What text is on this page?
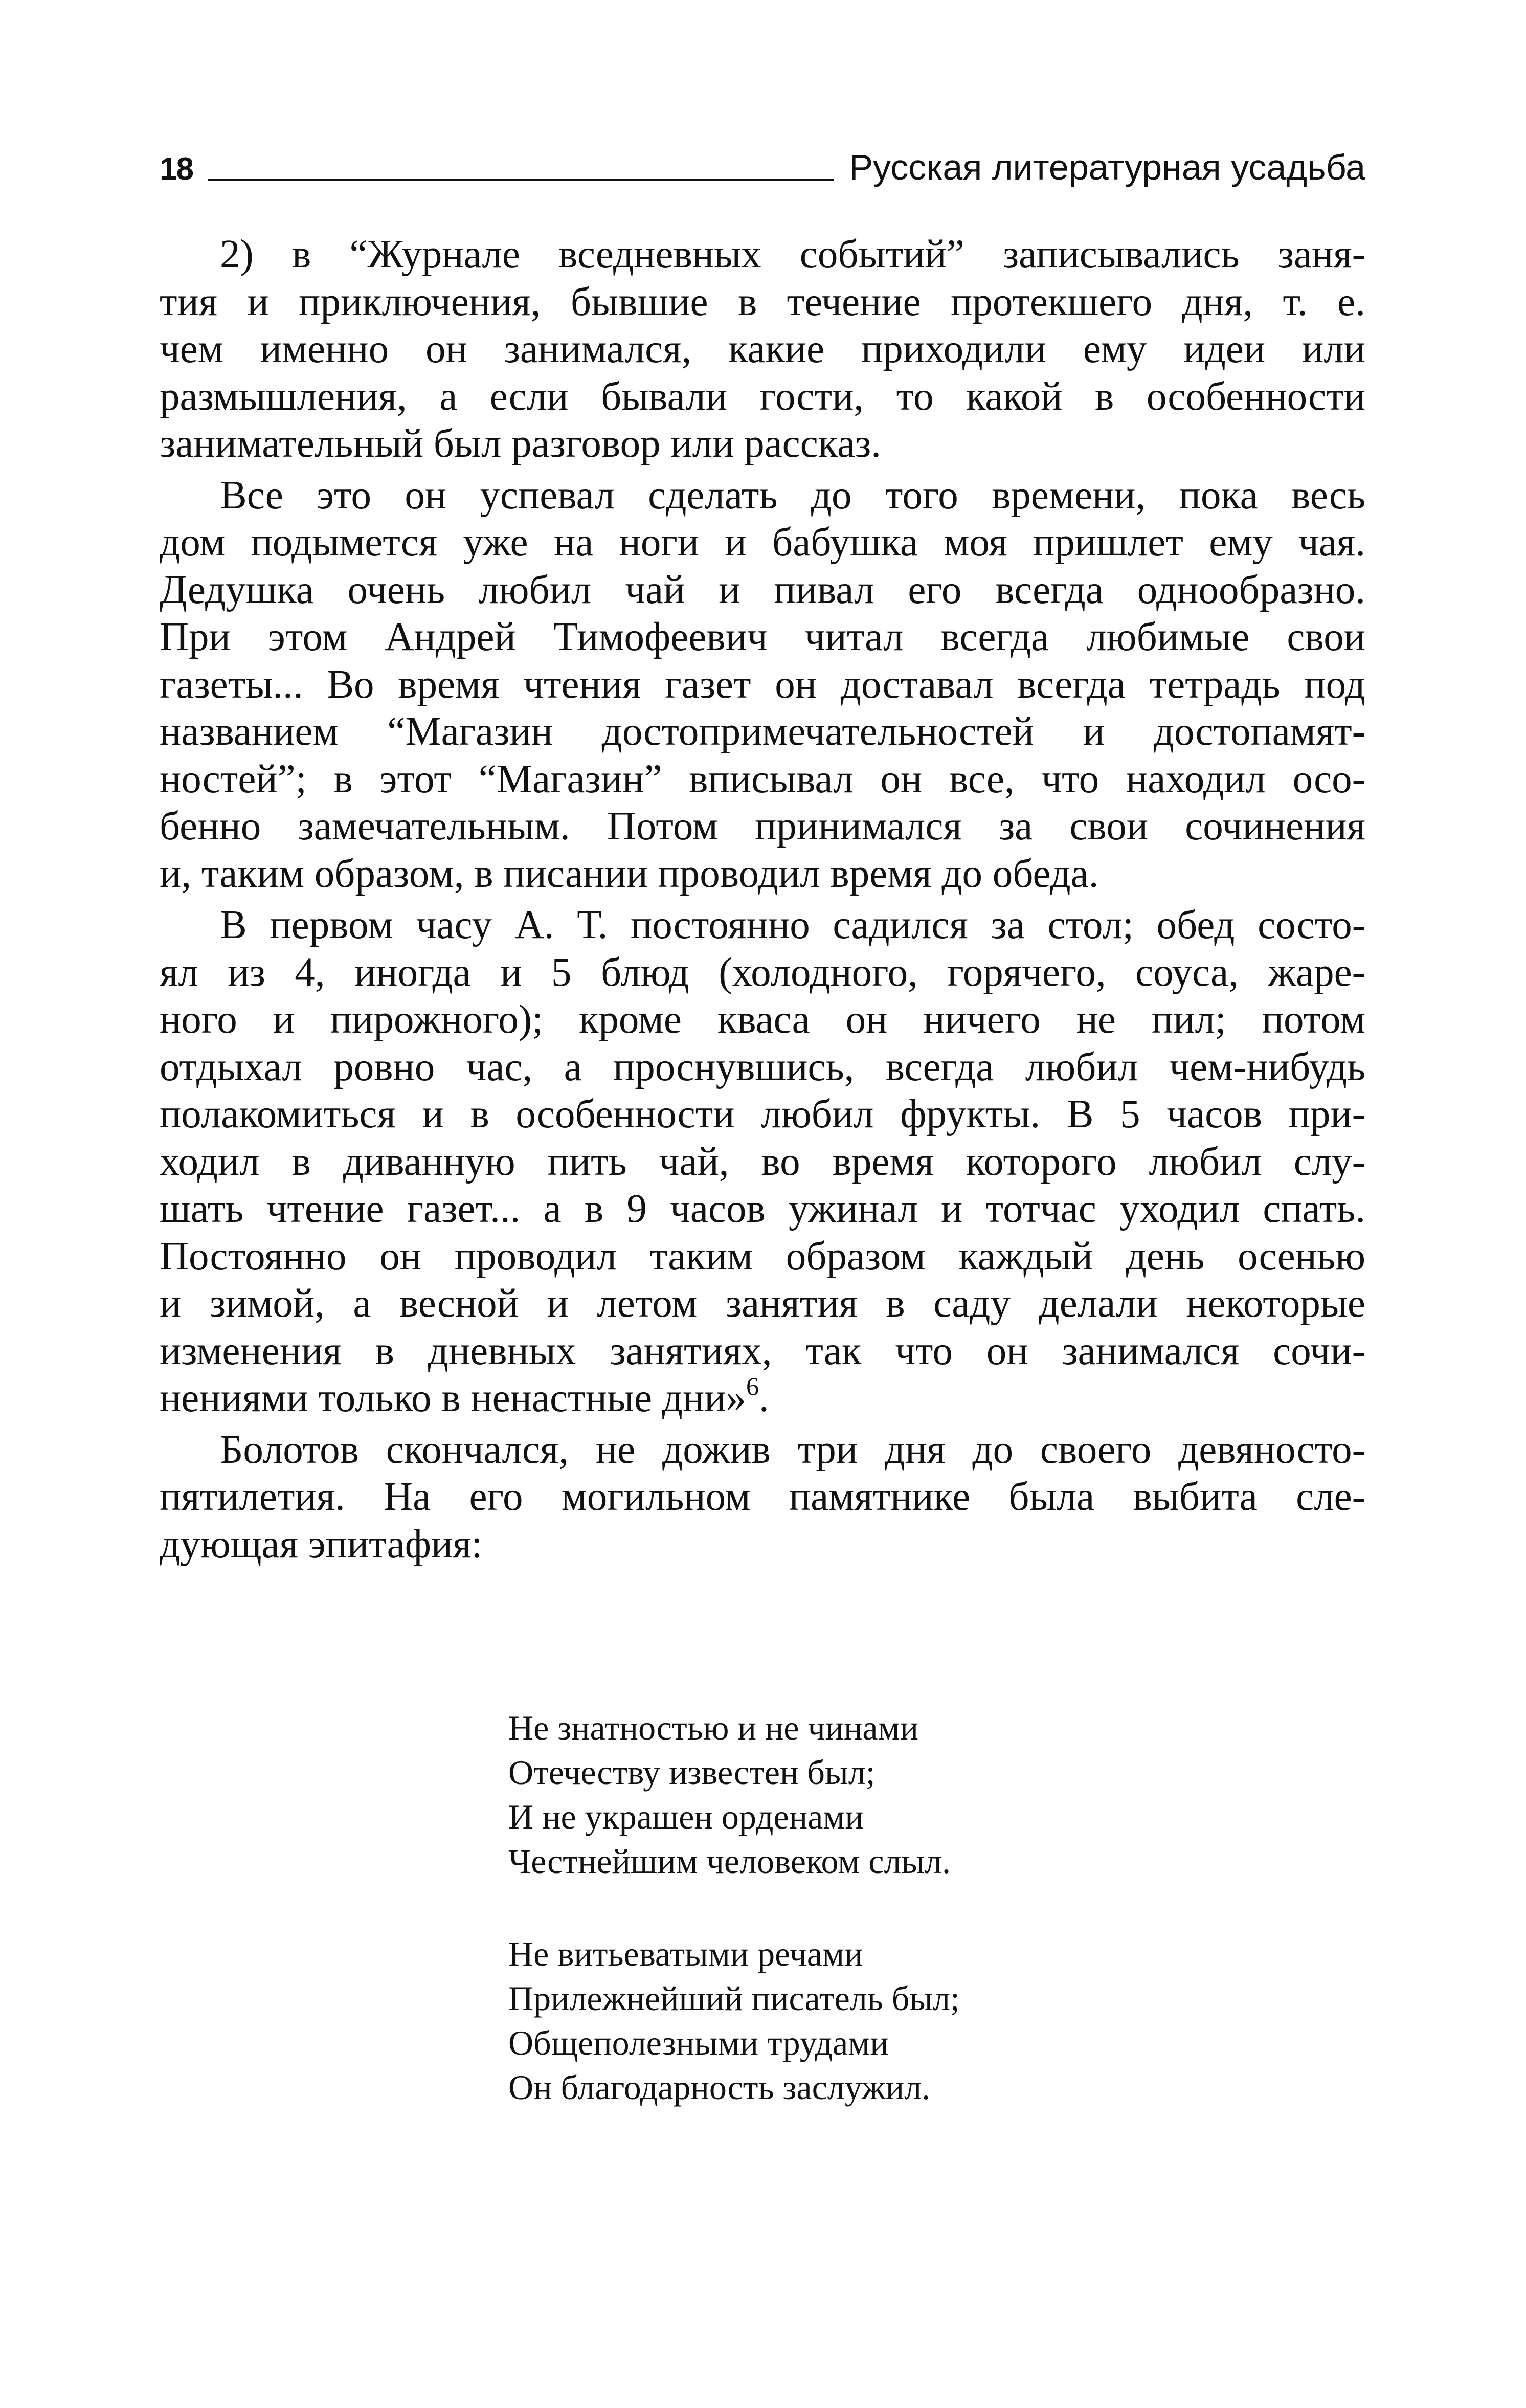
18	Русская литературная усадьба
2) в “Журнале вседневных событий” записывались заня-
тия и приключения, бывшие в течение протекшего дня, т. е.
чем именно он занимался, какие приходили ему идеи или
размышления, а если бывали гости, то какой в особенности
занимательный был разговор или рассказ.
Все это он успевал сделать до того времени, пока весь
дом подымется уже на ноги и бабушка моя пришлет ему чая.
Дедушка очень любил чай и пивал его всегда однообразно.
При этом Андрей Тимофеевич читал всегда любимые свои
газеты... Во время чтения газет он доставал всегда тетрадь под
названием “Магазин достопримечательностей и достопамят-
ностей”; в этот “Магазин” вписывал он все, что находил осо-
бенно замечательным. Потом принимался за свои сочинения
и, таким образом, в писании проводил время до обеда.
В первом часу А. Т. постоянно садился за стол; обед состо-
ял из 4, иногда и 5 блюд (холодного, горячего, соуса, жаре-
ного и пирожного); кроме кваса он ничего не пил; потом
отдыхал ровно час, а проснувшись, всегда любил чем-нибудь
полакомиться и в особенности любил фрукты. В 5 часов при-
ходил в диванную пить чай, во время которого любил слу-
шать чтение газет... а в 9 часов ужинал и тотчас уходил спать.
Постоянно он проводил таким образом каждый день осенью
и зимой, а весной и летом занятия в саду делали некоторые
изменения в дневных занятиях, так что он занимался сочи-
нениями только в ненастные дни»$^6$.
Болотов скончался, не дожив три дня до своего девяносто-
пятилетия. На его могильном памятнике была выбита сле-
дующая эпитафия:
Не знатностью и не чинами
Отечеству известен был;
И не украшен орденами
Честнейшим человеком слыл.
Не витьеватыми речами
Прилежнейший писатель был;
Общеполезными трудами
Он благодарность заслужил.
